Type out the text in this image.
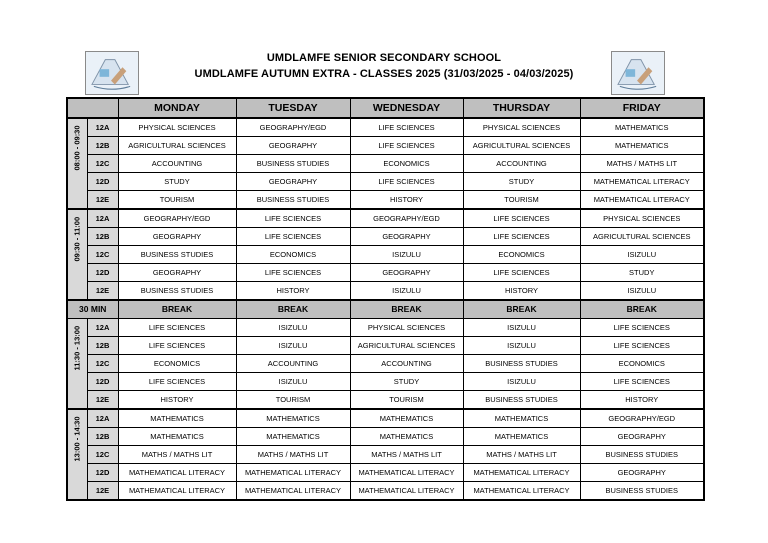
UMDLAMFE SENIOR SECONDARY SCHOOL
UMDLAMFE AUTUMN EXTRA - CLASSES 2025 (31/03/2025 - 04/03/2025)
		MONDAY	TUESDAY	WEDNESDAY	THURSDAY	FRIDAY
08:00 - 09:30	12A	PHYSICAL SCIENCES	GEOGRAPHY/EGD	LIFE SCIENCES	PHYSICAL SCIENCES	MATHEMATICS
	12B	AGRICULTURAL SCIENCES	GEOGRAPHY	LIFE SCIENCES	AGRICULTURAL SCIENCES	MATHEMATICS
	12C	ACCOUNTING	BUSINESS STUDIES	ECONOMICS	ACCOUNTING	MATHS / MATHS LIT
	12D	STUDY	GEOGRAPHY	LIFE SCIENCES	STUDY	MATHEMATICAL LITERACY
	12E	TOURISM	BUSINESS STUDIES	HISTORY	TOURISM	MATHEMATICAL LITERACY
09:30 - 11:00	12A	GEOGRAPHY/EGD	LIFE SCIENCES	GEOGRAPHY/EGD	LIFE SCIENCES	PHYSICAL SCIENCES
	12B	GEOGRAPHY	LIFE SCIENCES	GEOGRAPHY	LIFE SCIENCES	AGRICULTURAL SCIENCES
	12C	BUSINESS STUDIES	ECONOMICS	ISIZULU	ECONOMICS	ISIZULU
	12D	GEOGRAPHY	LIFE SCIENCES	GEOGRAPHY	LIFE SCIENCES	STUDY
	12E	BUSINESS STUDIES	HISTORY	ISIZULU	HISTORY	ISIZULU
30 MIN		BREAK	BREAK	BREAK	BREAK	BREAK
11:30 - 13:00	12A	LIFE SCIENCES	ISIZULU	PHYSICAL SCIENCES	ISIZULU	LIFE SCIENCES
	12B	LIFE SCIENCES	ISIZULU	AGRICULTURAL SCIENCES	ISIZULU	LIFE SCIENCES
	12C	ECONOMICS	ACCOUNTING	ACCOUNTING	BUSINESS STUDIES	ECONOMICS
	12D	LIFE SCIENCES	ISIZULU	STUDY	ISIZULU	LIFE SCIENCES
	12E	HISTORY	TOURISM	TOURISM	BUSINESS STUDIES	HISTORY
13:00 - 14:30	12A	MATHEMATICS	MATHEMATICS	MATHEMATICS	MATHEMATICS	GEOGRAPHY/EGD
	12B	MATHEMATICS	MATHEMATICS	MATHEMATICS	MATHEMATICS	GEOGRAPHY
	12C	MATHS / MATHS LIT	MATHS / MATHS LIT	MATHS / MATHS LIT	MATHS / MATHS LIT	BUSINESS STUDIES
	12D	MATHEMATICAL LITERACY	MATHEMATICAL LITERACY	MATHEMATICAL LITERACY	MATHEMATICAL LITERACY	GEOGRAPHY
	12E	MATHEMATICAL LITERACY	MATHEMATICAL LITERACY	MATHEMATICAL LITERACY	MATHEMATICAL LITERACY	BUSINESS STUDIES
